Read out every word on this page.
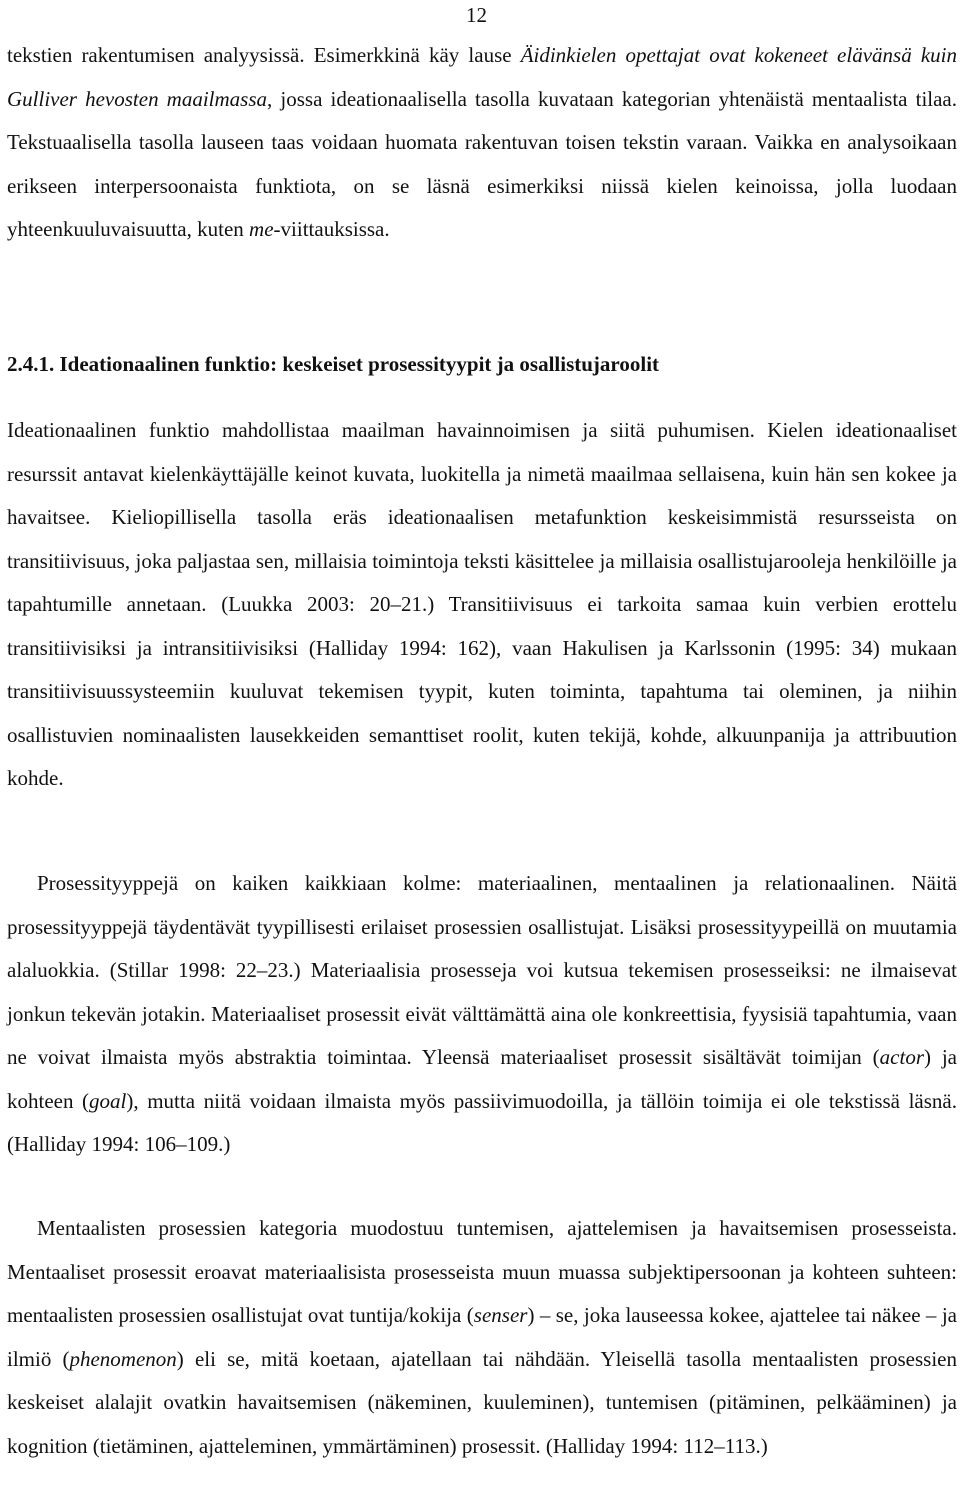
12

tekstien rakentumisen analyysissä. Esimerkkinä käy lause Äidinkielen opettajat ovat kokeneet elävänsä kuin Gulliver hevosten maailmassa, jossa ideationaalisella tasolla kuvataan kategorian yhtenäistä mentaalista tilaa. Tekstuaalisella tasolla lauseen taas voidaan huomata rakentuvan toisen tekstin varaan. Vaikka en analysoikaan erikseen interpersoonaista funktiota, on se läsnä esimerkiksi niissä kielen keinoissa, jolla luodaan yhteenkuuluvaisuutta, kuten me-viittauksissa.

2.4.1. Ideationaalinen funktio: keskeiset prosessityypit ja osallistujaroolit

Ideationaalinen funktio mahdollistaa maailman havainnoimisen ja siitä puhumisen. Kielen ideationaaliset resurssit antavat kielenkäyttäjälle keinot kuvata, luokitella ja nimetä maailmaa sellaisena, kuin hän sen kokee ja havaitsee. Kieliopillisella tasolla eräs ideationaalisen metafunktion keskeisimmistä resursseista on transitiivisuus, joka paljastaa sen, millaisia toimintoja teksti käsittelee ja millaisia osallistujarooleja henkilöille ja tapahtumille annetaan. (Luukka 2003: 20–21.) Transitiivisuus ei tarkoita samaa kuin verbien erottelu transitiivisiksi ja intransitiivisiksi (Halliday 1994: 162), vaan Hakulisen ja Karlssonin (1995: 34) mukaan transitiivisuussysteemiin kuuluvat tekemisen tyypit, kuten toiminta, tapahtuma tai oleminen, ja niihin osallistuvien nominaalisten lausekkeiden semanttiset roolit, kuten tekijä, kohde, alkuunpanija ja attribuution kohde.

Prosessityyppejä on kaiken kaikkiaan kolme: materiaalinen, mentaalinen ja relationaalinen. Näitä prosessityyppejä täydentävät tyypillisesti erilaiset prosessien osallistujat. Lisäksi prosessityypeillä on muutamia alaluokkia. (Stillar 1998: 22–23.) Materiaalisia prosesseja voi kutsua tekemisen prosesseiksi: ne ilmaisevat jonkun tekevän jotakin. Materiaaliset prosessit eivät välttämättä aina ole konkreettisia, fyysisiä tapahtumia, vaan ne voivat ilmaista myös abstraktia toimintaa. Yleensä materiaaliset prosessit sisältävät toimijan (actor) ja kohteen (goal), mutta niitä voidaan ilmaista myös passiivimuodoilla, ja tällöin toimija ei ole tekstissä läsnä. (Halliday 1994: 106–109.)

Mentaalisten prosessien kategoria muodostuu tuntemisen, ajattelemisen ja havaitsemisen prosesseista. Mentaaliset prosessit eroavat materiaalisista prosesseista muun muassa subjektipersoonan ja kohteen suhteen: mentaalisten prosessien osallistujat ovat tuntija/kokija (senser) – se, joka lauseessa kokee, ajattelee tai näkee – ja ilmiö (phenomenon) eli se, mitä koetaan, ajatellaan tai nähdään. Yleisellä tasolla mentaalisten prosessien keskeiset alalajit ovatkin havaitsemisen (näkeminen, kuuleminen), tuntemisen (pitäminen, pelkääminen) ja kognition (tietäminen, ajatteleminen, ymmärtäminen) prosessit. (Halliday 1994: 112–113.)
